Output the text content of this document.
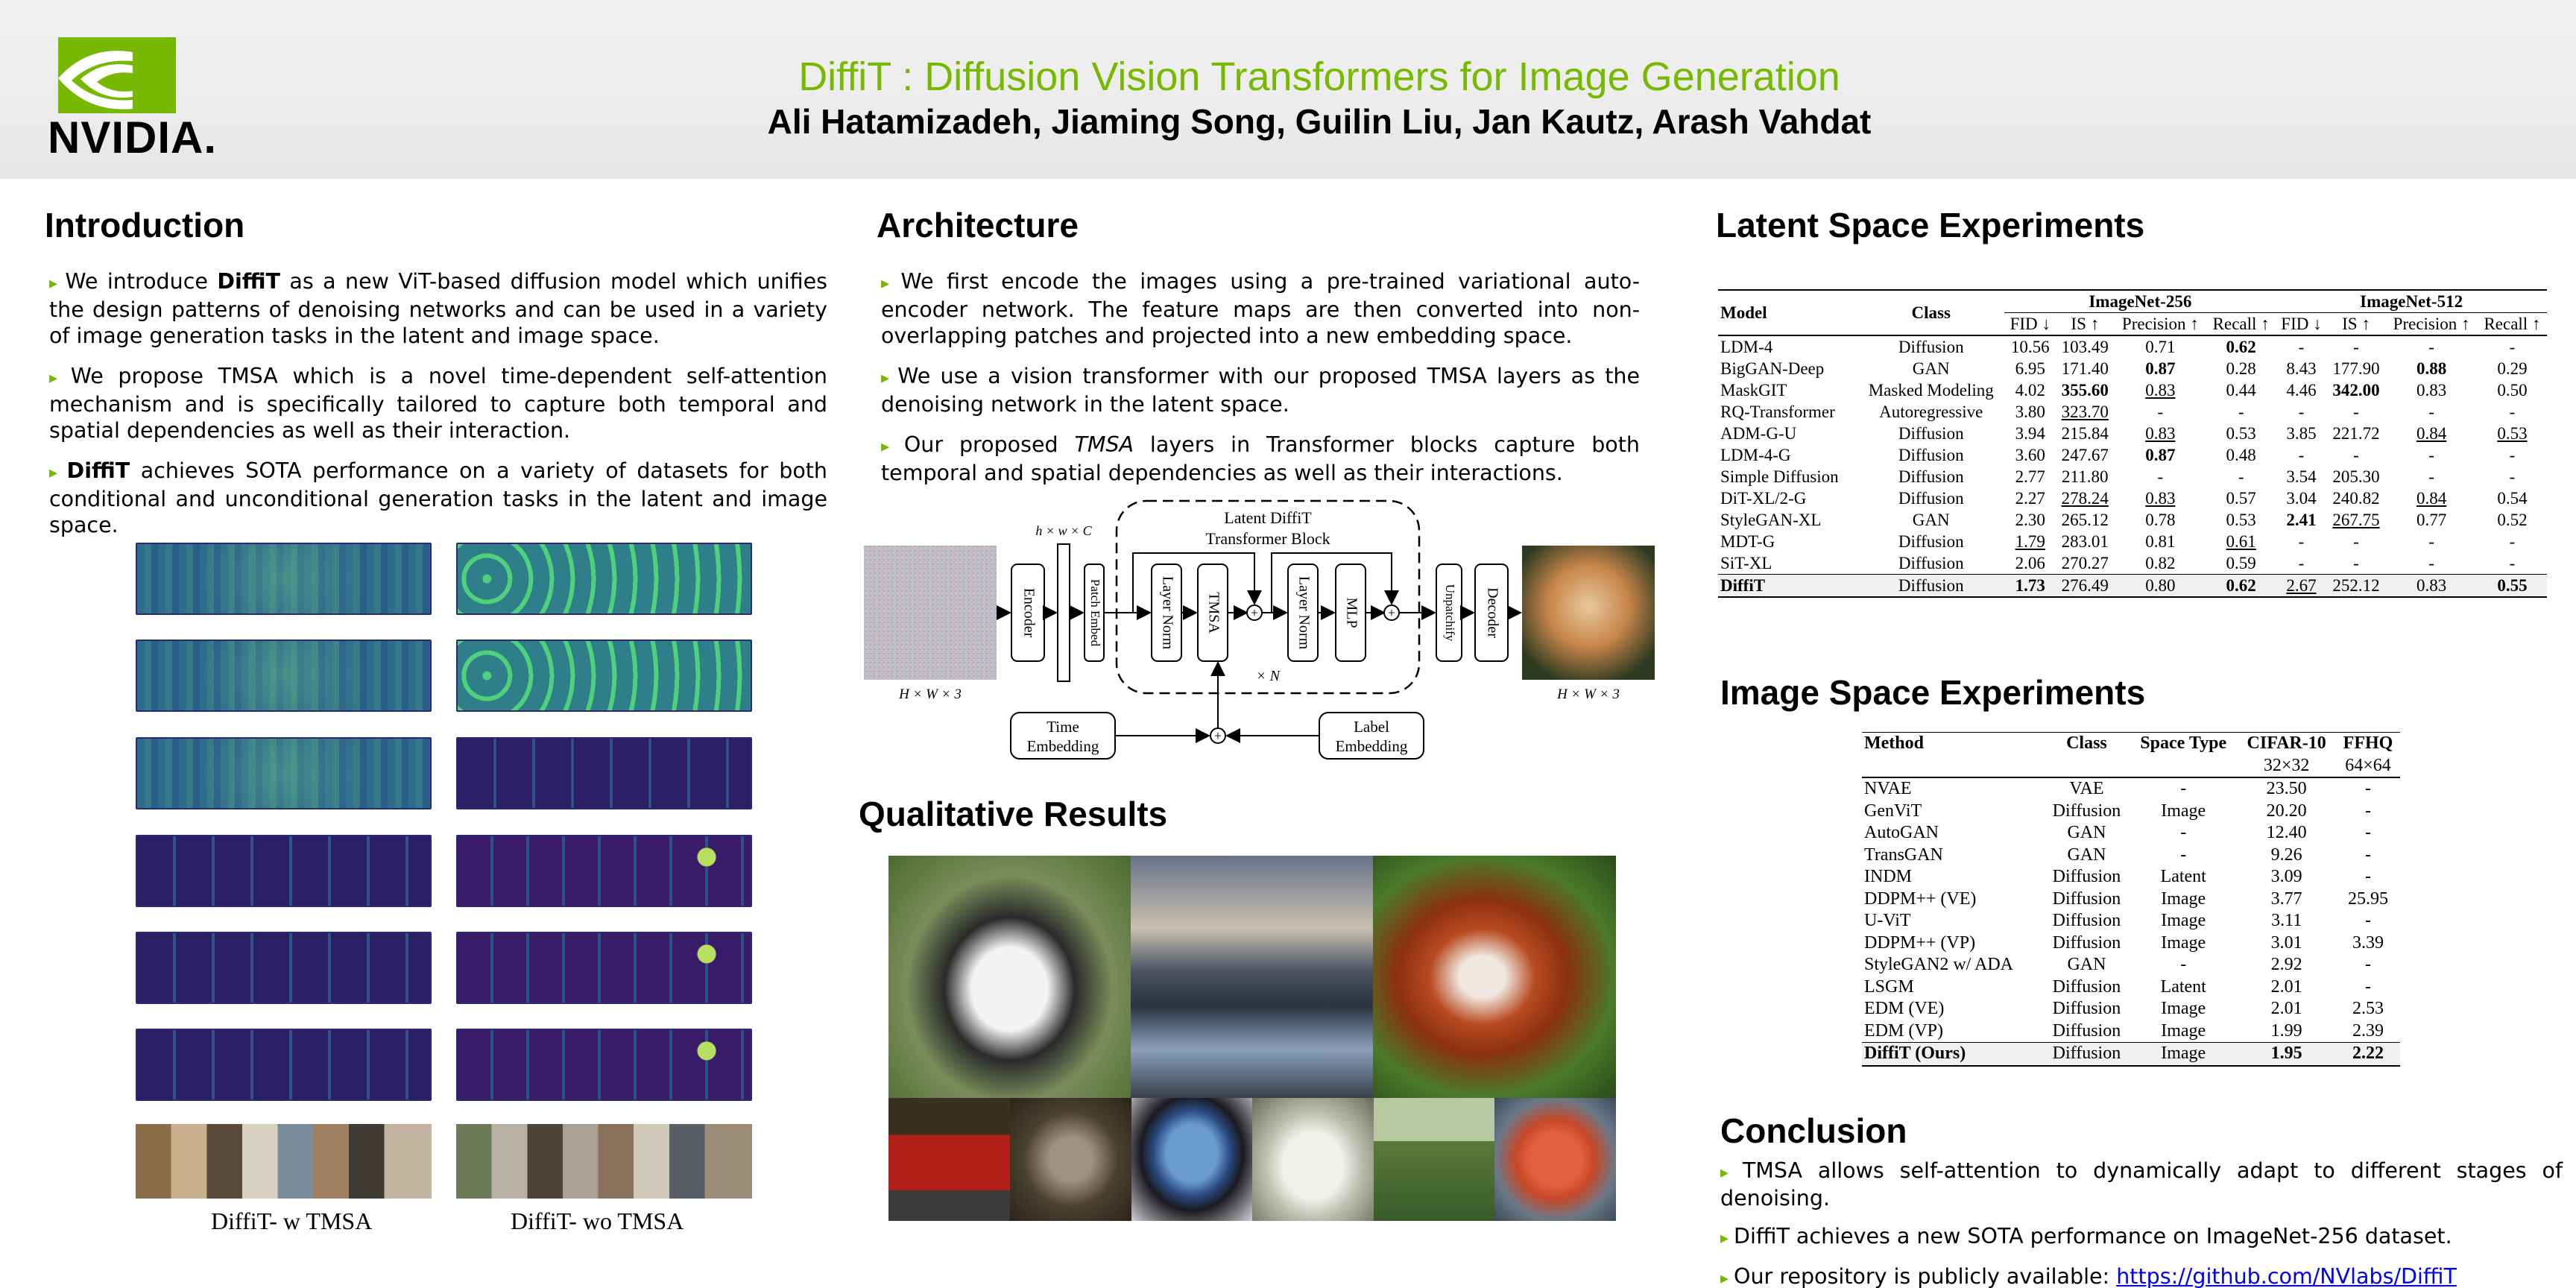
NVIDIA.
DiffiT : Diffusion Vision Transformers for Image Generation
Ali Hatamizadeh, Jiaming Song, Guilin Liu, Jan Kautz, Arash Vahdat
Introduction

▸ We introduce DiffiT as a new ViT-based diffusion model which unifies the design patterns of denoising networks and can be used in a variety of image generation tasks in the latent and image space.

▸ We propose TMSA which is a novel time-dependent self-attention mechanism and is specifically tailored to capture both temporal and spatial dependencies as well as their interaction.

▸ DiffiT achieves SOTA performance on a variety of datasets for both conditional and unconditional generation tasks in the latent and image space.

DiffiT- w TMSA	DiffiT- wo TMSA
Architecture

▸ We first encode the images using a pre-trained variational auto-encoder network. The feature maps are then converted into non-overlapping patches and projected into a new embedding space.

▸ We use a vision transformer with our proposed TMSA layers as the denoising network in the latent space.

▸ Our proposed TMSA layers in Transformer blocks capture both temporal and spatial dependencies as well as their interactions.

H × W × 3
Encoder
h × w × C
Patch Embed
Latent DiffiT
Transformer Block
Layer Norm TMSA +	Layer Norm MLP +
× N
Unpatchify Decoder
H × W × 3
Time
Embedding
Label
Embedding
+
Qualitative Results
Latent Space Experiments
Model	Class	ImageNet-256				ImageNet-512			
		FID ↓	IS ↑	Precision ↑	Recall ↑	FID ↓	IS ↑	Precision ↑	Recall ↑
LDM-4	Diffusion	10.56	103.49	0.71	0.62	-	-	-	-
BigGAN-Deep	GAN	6.95	171.40	0.87	0.28	8.43	177.90	0.88	0.29
MaskGIT	Masked Modeling	4.02	355.60	0.83	0.44	4.46	342.00	0.83	0.50
RQ-Transformer	Autoregressive	3.80	323.70	-	-	-	-	-	-
ADM-G-U	Diffusion	3.94	215.84	0.83	0.53	3.85	221.72	0.84	0.53
LDM-4-G	Diffusion	3.60	247.67	0.87	0.48	-	-	-	-
Simple Diffusion	Diffusion	2.77	211.80	-	-	3.54	205.30	-	-
DiT-XL/2-G	Diffusion	2.27	278.24	0.83	0.57	3.04	240.82	0.84	0.54
StyleGAN-XL	GAN	2.30	265.12	0.78	0.53	2.41	267.75	0.77	0.52
MDT-G	Diffusion	1.79	283.01	0.81	0.61	-	-	-	-
SiT-XL	Diffusion	2.06	270.27	0.82	0.59	-	-	-	-
DiffiT	Diffusion	1.73	276.49	0.80	0.62	2.67	252.12	0.83	0.55
Image Space Experiments
Method	Class	Space Type	CIFAR-10	FFHQ
			32×32	64×64
NVAE	VAE	-	23.50	-
GenViT	Diffusion	Image	20.20	-
AutoGAN	GAN	-	12.40	-
TransGAN	GAN	-	9.26	-
INDM	Diffusion	Latent	3.09	-
DDPM++ (VE)	Diffusion	Image	3.77	25.95
U-ViT	Diffusion	Image	3.11	-
DDPM++ (VP)	Diffusion	Image	3.01	3.39
StyleGAN2 w/ ADA	GAN	-	2.92	-
LSGM	Diffusion	Latent	2.01	-
EDM (VE)	Diffusion	Image	2.01	2.53
EDM (VP)	Diffusion	Image	1.99	2.39
DiffiT (Ours)	Diffusion	Image	1.95	2.22
Conclusion

▸ TMSA allows self-attention to dynamically adapt to different stages of denoising.

▸ DiffiT achieves a new SOTA performance on ImageNet-256 dataset.

▸ Our repository is publicly available: https://github.com/NVlabs/DiffiT
